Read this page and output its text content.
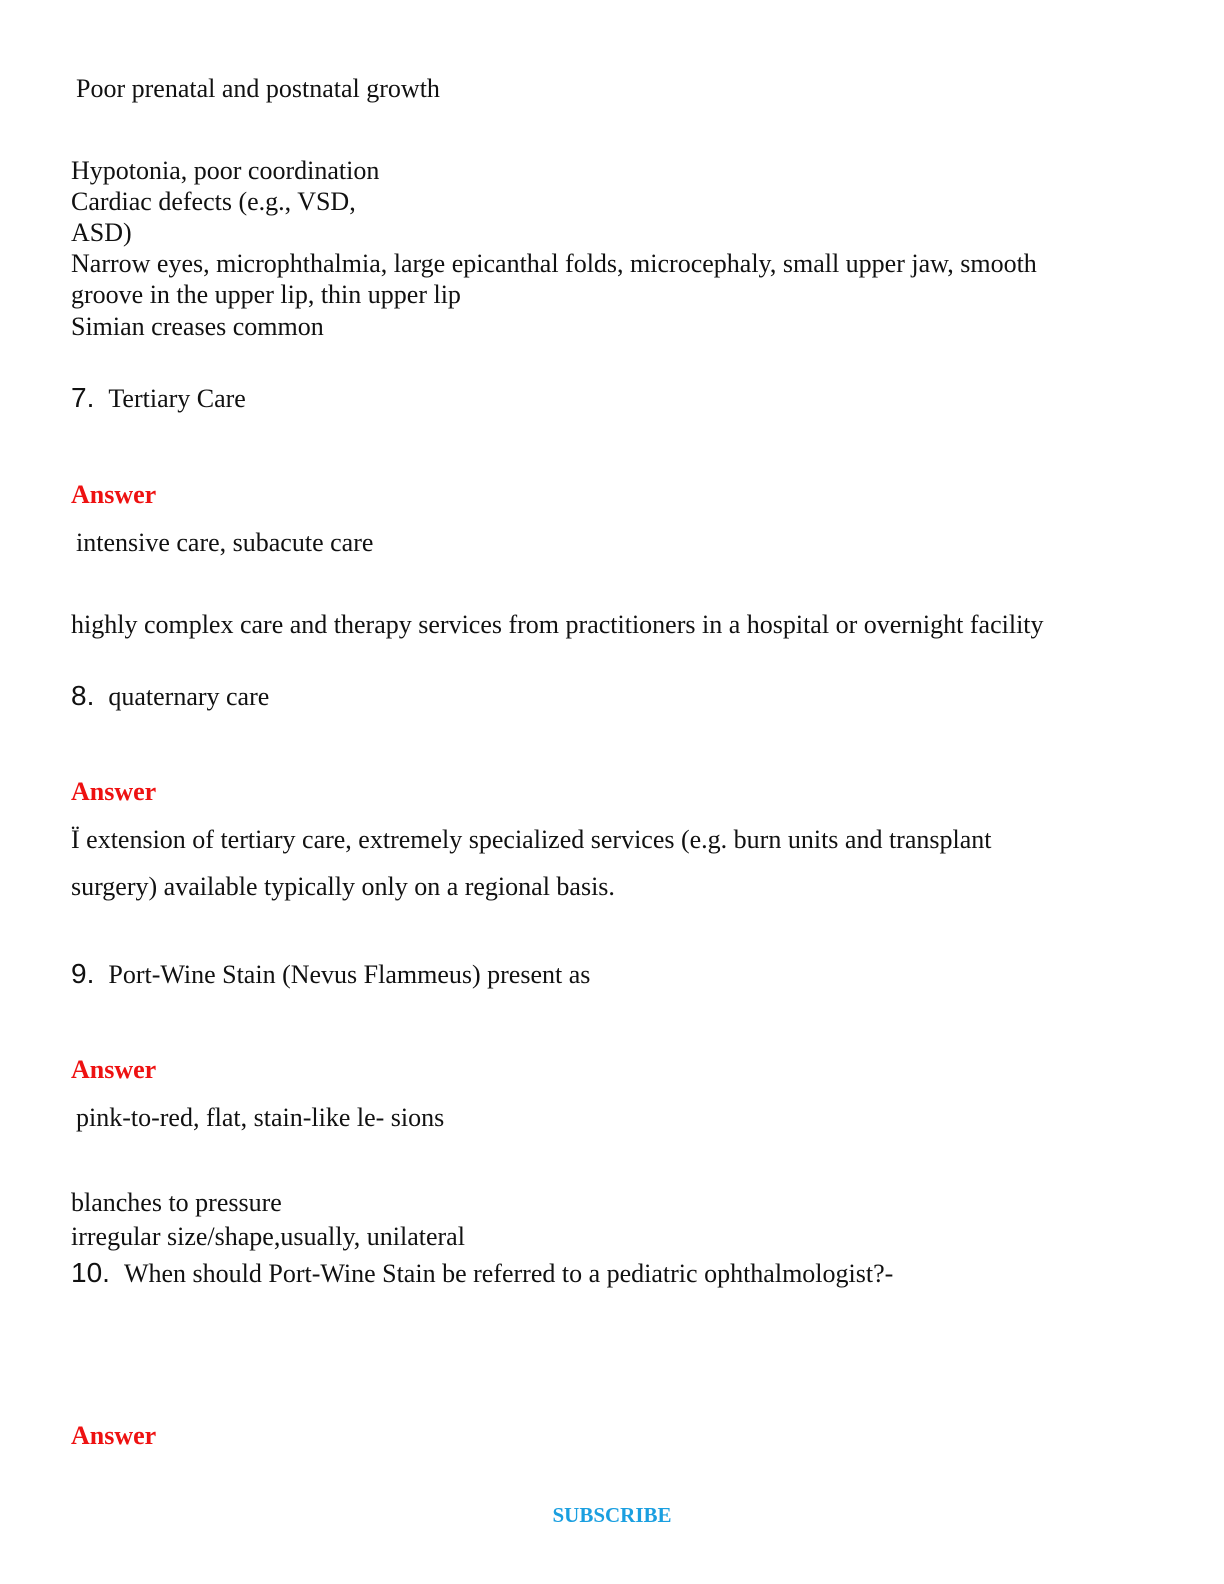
Poor prenatal and postnatal growth
Hypotonia, poor coordination
Cardiac defects (e.g., VSD,
ASD)
Narrow eyes, microphthalmia, large epicanthal folds, microcephaly, small upper jaw, smooth
groove in the upper lip, thin upper lip
Simian creases common
7. Tertiary Care
Answer
intensive care, subacute care
highly complex care and therapy services from practitioners in a hospital or overnight facility
8. quaternary care
Answer
Ï extension of tertiary care, extremely specialized services (e.g. burn units and transplant
surgery) available typically only on a regional basis.
9. Port-Wine Stain (Nevus Flammeus) present as
Answer
pink-to-red, flat, stain-like le- sions
blanches to pressure
irregular size/shape,usually, unilateral
10. When should Port-Wine Stain be referred to a pediatric ophthalmologist?-
Answer
SUBSCRIBE
